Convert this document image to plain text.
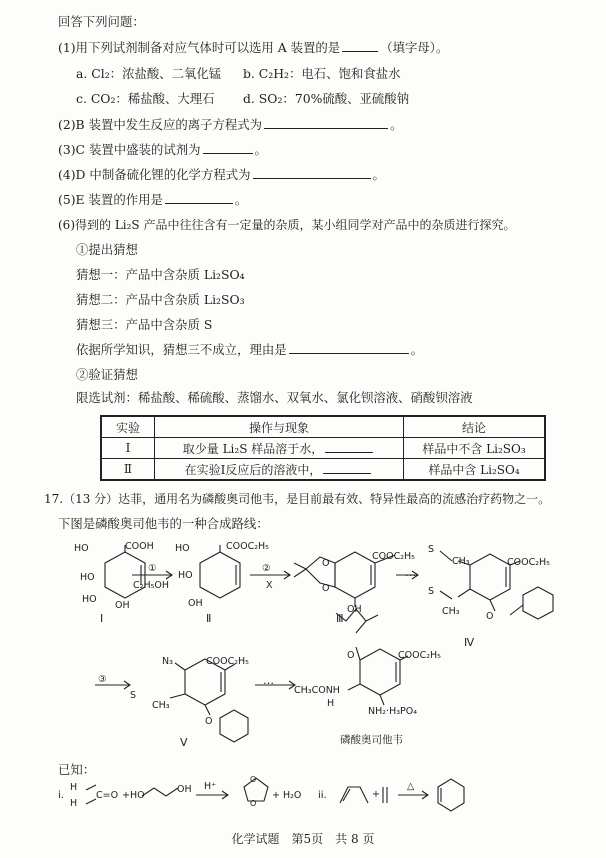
回答下列问题：
(1)用下列试剂制备对应气体时可以选用 A 装置的是	（填字母）。
a. Cl₂：浓盐酸、二氧化锰 b. C₂H₂：电石、饱和食盐水
c. CO₂：稀盐酸、大理石 d. SO₂：70%硫酸、亚硫酸钠
(2)B 装置中发生反应的离子方程式为	。
(3)C 装置中盛装的试剂为	。
(4)D 中制备硫化锂的化学方程式为	。
(5)E 装置的作用是	。
(6)得到的 Li₂S 产品中往往含有一定量的杂质，某小组同学对产品中的杂质进行探究。
①提出猜想
猜想一：产品中含杂质 Li₂SO₄
猜想二：产品中含杂质 Li₂SO₃
猜想三：产品中含杂质 S
依据所学知识，猜想三不成立，理由是	。
②验证猜想
限选试剂：稀盐酸、稀硫酸、蒸馏水、双氧水、氯化钡溶液、硝酸钡溶液
实验	操作与现象	结论
Ⅰ	取少量 Li₂S 样品溶于水，	样品中不含 Li₂SO₃
Ⅱ	在实验Ⅰ反应后的溶液中，	样品中含 Li₂SO₄
17.（13 分）达菲，通用名为磷酸奥司他韦，是目前最有效、特异性最高的流感治疗药物之一。
下图是磷酸奥司他韦的一种合成路线：
HO	COOH
HO
HO
OH
①
C₂H₅OH
HO	COOC₂H₅
HO
OH
②
X
COOC₂H₅
O
O
OH
…
COOC₂H₅
S
CH₃
S
CH₃	O
③
N₃	COOC₂H₅
S
CH₃
O
…
O	COOC₂H₅
CH₃CONH
H
NH₂·H₃PO₄
Ⅰ	Ⅱ	Ⅲ
Ⅳ
Ⅴ	磷酸奥司他韦
已知：
i.
H
H
C=O +HO
OH H⁺
O
O
+ H₂O ii.	+
△
化学试题　第5页　共 8 页
